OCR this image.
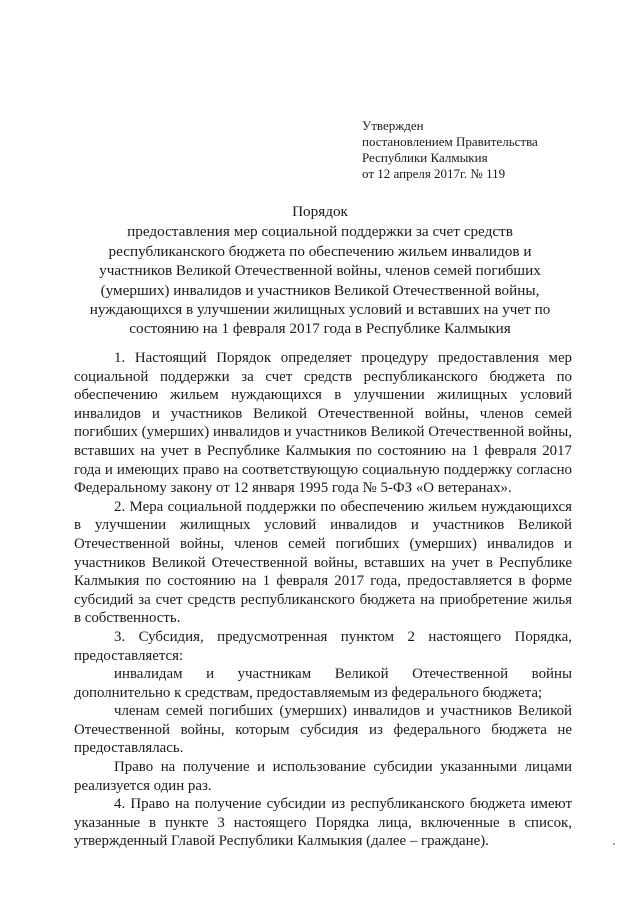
Утвержден
постановлением Правительства
Республики Калмыкия
от 12 апреля 2017г. № 119
Порядок
предоставления мер социальной поддержки за счет средств
республиканского бюджета по обеспечению жильем инвалидов и
участников Великой Отечественной войны, членов семей погибших
(умерших) инвалидов и участников Великой Отечественной войны,
нуждающихся в улучшении жилищных условий и вставших на учет по
состоянию на 1 февраля 2017 года в Республике Калмыкия

1. Настоящий Порядок определяет процедуру предоставления мер социальной поддержки за счет средств республиканского бюджета по обеспечению жильем нуждающихся в улучшении жилищных условий инвалидов и участников Великой Отечественной войны, членов семей погибших (умерших) инвалидов и участников Великой Отечественной войны, вставших на учет в Республике Калмыкия по состоянию на 1 февраля 2017 года и имеющих право на соответствующую социальную поддержку согласно Федеральному закону от 12 января 1995 года № 5-ФЗ «О ветеранах».

2. Мера социальной поддержки по обеспечению жильем нуждающихся в улучшении жилищных условий инвалидов и участников Великой Отечественной войны, членов семей погибших (умерших) инвалидов и участников Великой Отечественной войны, вставших на учет в Республике Калмыкия по состоянию на 1 февраля 2017 года, предоставляется в форме субсидий за счет средств республиканского бюджета на приобретение жилья в собственность.

3. Субсидия, предусмотренная пунктом 2 настоящего Порядка, предоставляется:

инвалидам и участникам Великой Отечественной войны дополнительно к средствам, предоставляемым из федерального бюджета;

членам семей погибших (умерших) инвалидов и участников Великой Отечественной войны, которым субсидия из федерального бюджета не предоставлялась.

Право на получение и использование субсидии указанными лицами реализуется один раз.

4. Право на получение субсидии из республиканского бюджета имеют указанные в пункте 3 настоящего Порядка лица, включенные в список, утвержденный Главой Республики Калмыкия (далее – граждане).
